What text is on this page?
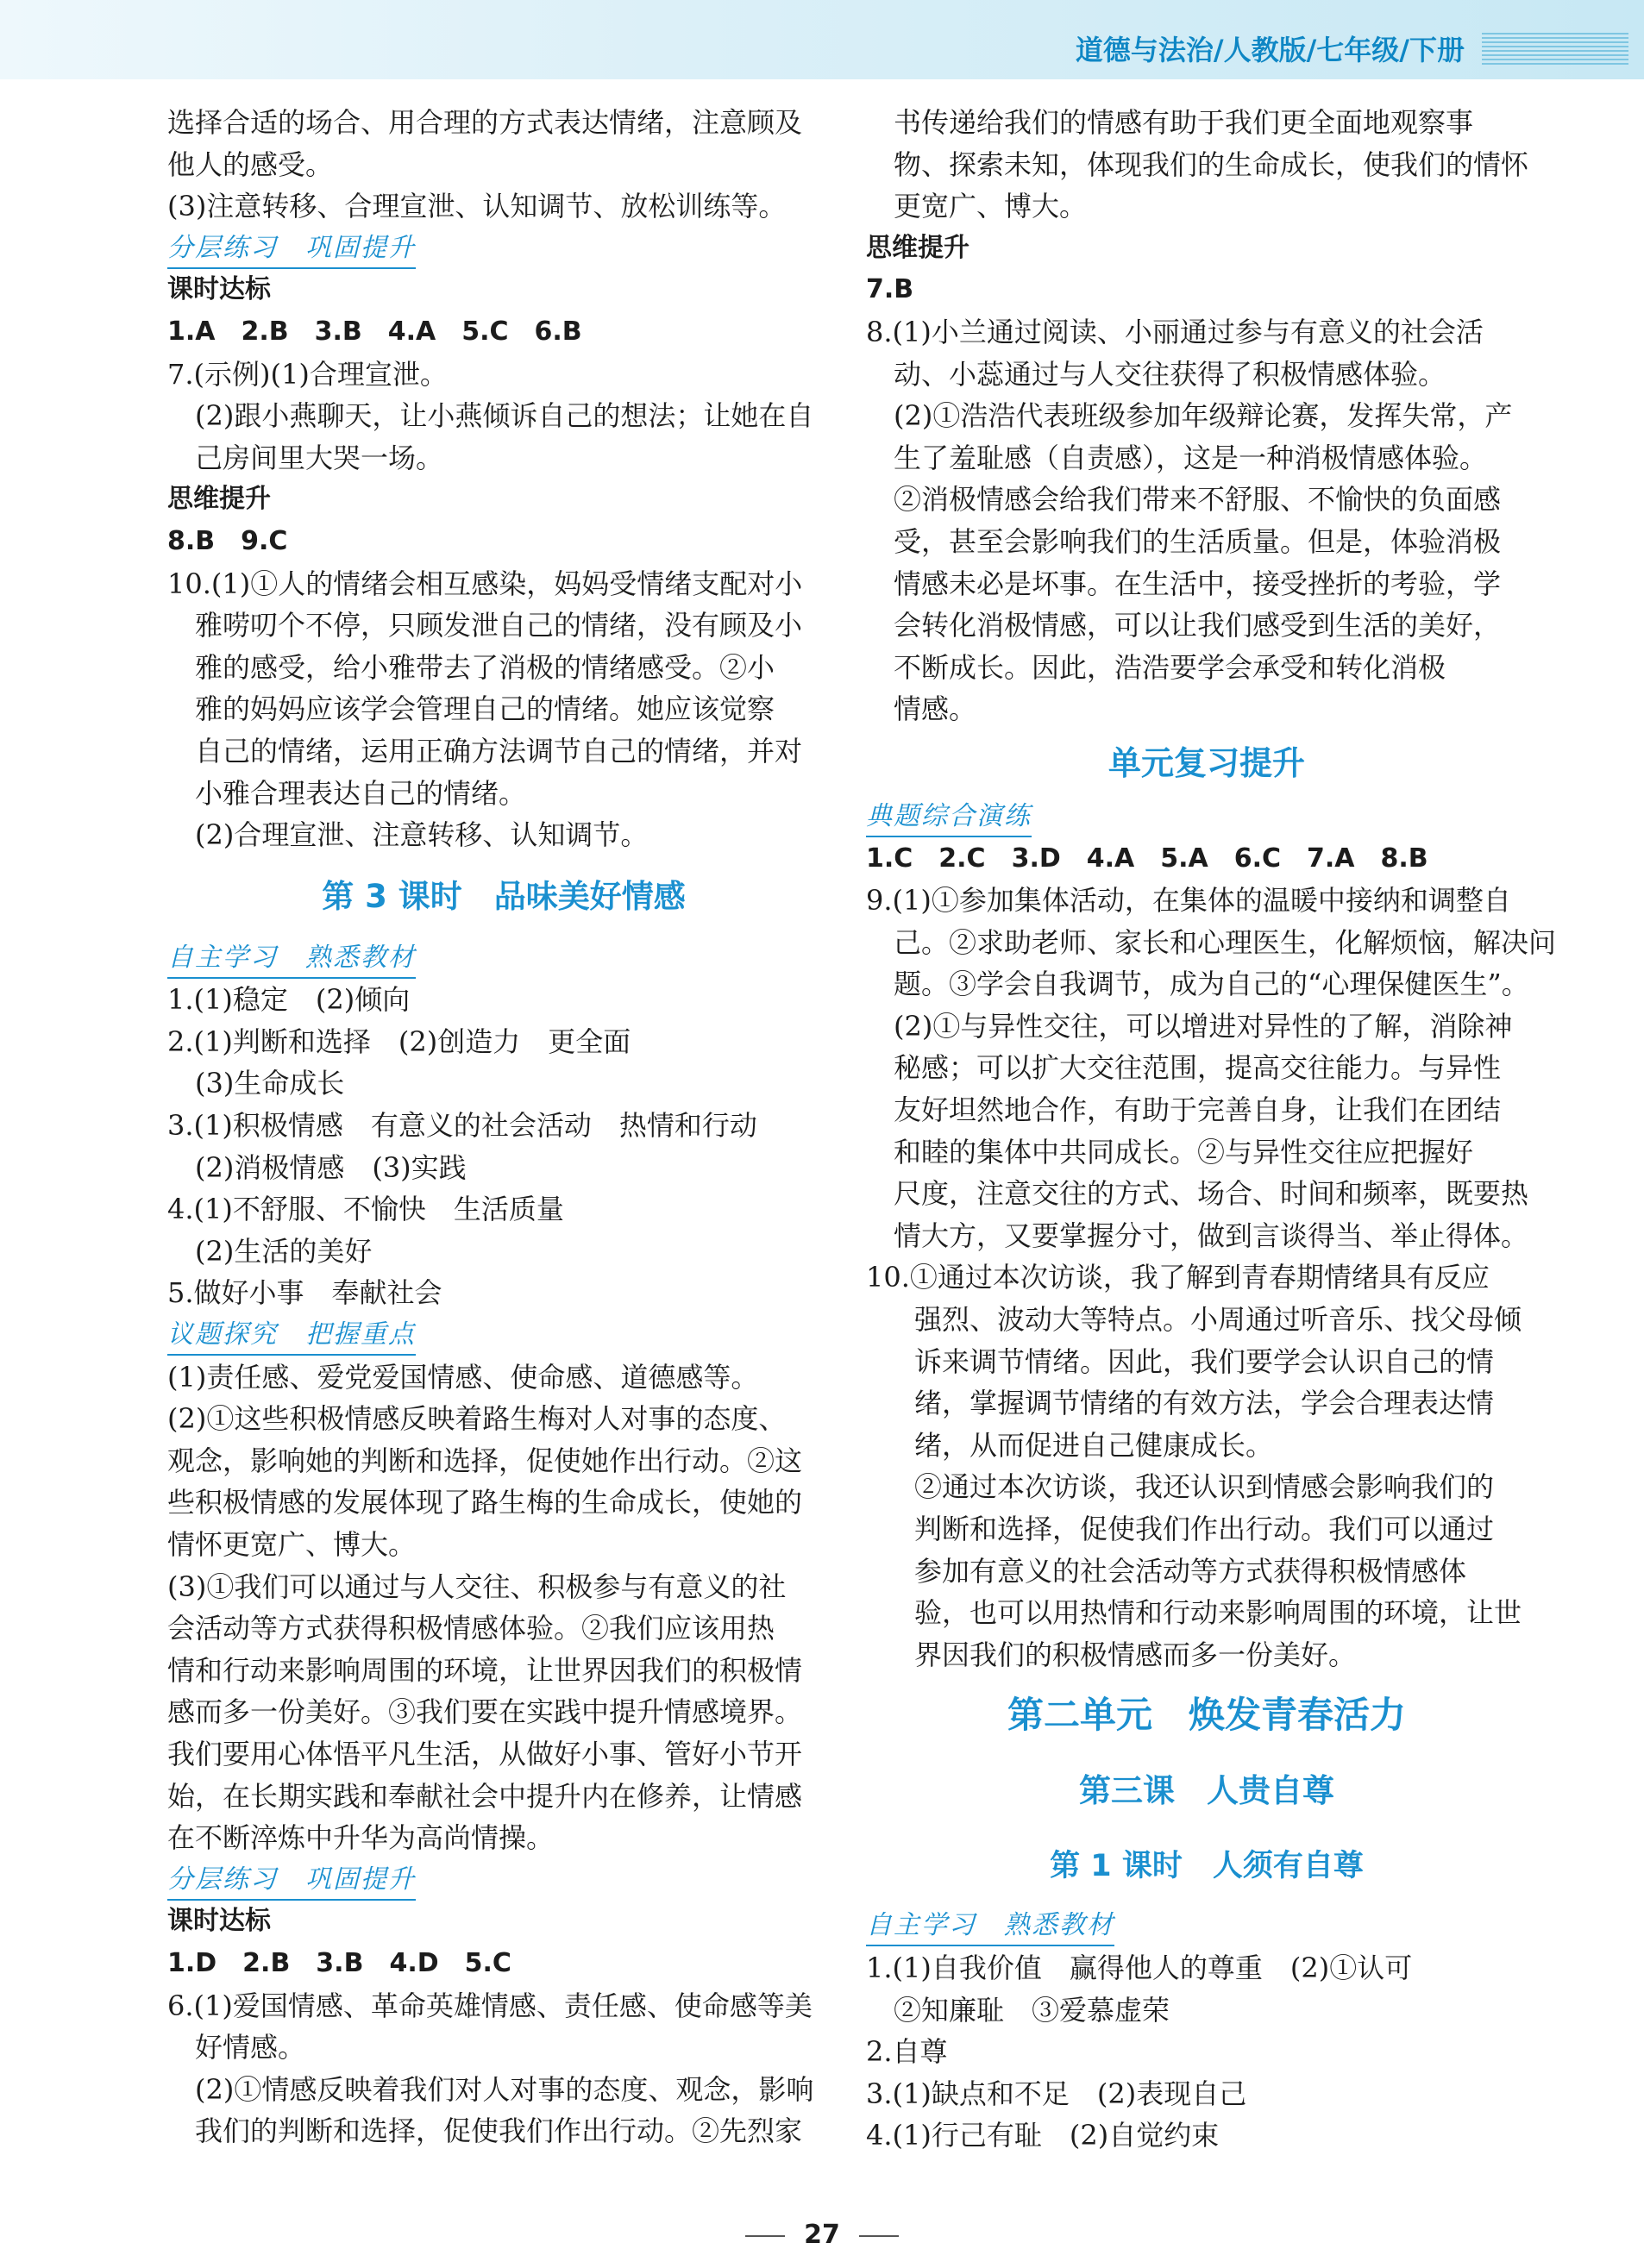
道德与法治/人教版/七年级/下册
选择合适的场合、用合理的方式表达情绪，注意顾及
他人的感受。
(3)注意转移、合理宣泄、认知调节、放松训练等。
分层练习　巩固提升
课时达标
1.A　2.B　3.B　4.A　5.C　6.B
7.(示例)(1)合理宣泄。
(2)跟小燕聊天，让小燕倾诉自己的想法；让她在自
己房间里大哭一场。
思维提升
8.B　9.C
10.(1)①人的情绪会相互感染，妈妈受情绪支配对小
雅唠叨个不停，只顾发泄自己的情绪，没有顾及小
雅的感受，给小雅带去了消极的情绪感受。②小
雅的妈妈应该学会管理自己的情绪。她应该觉察
自己的情绪，运用正确方法调节自己的情绪，并对
小雅合理表达自己的情绪。
(2)合理宣泄、注意转移、认知调节。
第 3 课时　品味美好情感
自主学习　熟悉教材
1.(1)稳定　(2)倾向
2.(1)判断和选择　(2)创造力　更全面
(3)生命成长
3.(1)积极情感　有意义的社会活动　热情和行动
(2)消极情感　(3)实践
4.(1)不舒服、不愉快　生活质量
(2)生活的美好
5.做好小事　奉献社会
议题探究　把握重点
(1)责任感、爱党爱国情感、使命感、道德感等。
(2)①这些积极情感反映着路生梅对人对事的态度、
观念，影响她的判断和选择，促使她作出行动。②这
些积极情感的发展体现了路生梅的生命成长，使她的
情怀更宽广、博大。
(3)①我们可以通过与人交往、积极参与有意义的社
会活动等方式获得积极情感体验。②我们应该用热
情和行动来影响周围的环境，让世界因我们的积极情
感而多一份美好。③我们要在实践中提升情感境界。
我们要用心体悟平凡生活，从做好小事、管好小节开
始，在长期实践和奉献社会中提升内在修养，让情感
在不断淬炼中升华为高尚情操。
分层练习　巩固提升
课时达标
1.D　2.B　3.B　4.D　5.C
6.(1)爱国情感、革命英雄情感、责任感、使命感等美
好情感。
(2)①情感反映着我们对人对事的态度、观念，影响
我们的判断和选择，促使我们作出行动。②先烈家
书传递给我们的情感有助于我们更全面地观察事
物、探索未知，体现我们的生命成长，使我们的情怀
更宽广、博大。
思维提升
7.B
8.(1)小兰通过阅读、小丽通过参与有意义的社会活
动、小蕊通过与人交往获得了积极情感体验。
(2)①浩浩代表班级参加年级辩论赛，发挥失常，产
生了羞耻感（自责感），这是一种消极情感体验。
②消极情感会给我们带来不舒服、不愉快的负面感
受，甚至会影响我们的生活质量。但是，体验消极
情感未必是坏事。在生活中，接受挫折的考验，学
会转化消极情感，可以让我们感受到生活的美好，
不断成长。因此，浩浩要学会承受和转化消极
情感。
单元复习提升
典题综合演练
1.C　2.C　3.D　4.A　5.A　6.C　7.A　8.B
9.(1)①参加集体活动，在集体的温暖中接纳和调整自
己。②求助老师、家长和心理医生，化解烦恼，解决问
题。③学会自我调节，成为自己的“心理保健医生”。
(2)①与异性交往，可以增进对异性的了解，消除神
秘感；可以扩大交往范围，提高交往能力。与异性
友好坦然地合作，有助于完善自身，让我们在团结
和睦的集体中共同成长。②与异性交往应把握好
尺度，注意交往的方式、场合、时间和频率，既要热
情大方，又要掌握分寸，做到言谈得当、举止得体。
10.①通过本次访谈，我了解到青春期情绪具有反应
强烈、波动大等特点。小周通过听音乐、找父母倾
诉来调节情绪。因此，我们要学会认识自己的情
绪，掌握调节情绪的有效方法，学会合理表达情
绪，从而促进自己健康成长。
②通过本次访谈，我还认识到情感会影响我们的
判断和选择，促使我们作出行动。我们可以通过
参加有意义的社会活动等方式获得积极情感体
验，也可以用热情和行动来影响周围的环境，让世
界因我们的积极情感而多一份美好。
第二单元　焕发青春活力
第三课　人贵自尊
第 1 课时　人须有自尊
自主学习　熟悉教材
1.(1)自我价值　赢得他人的尊重　(2)①认可
②知廉耻　③爱慕虚荣
2.自尊
3.(1)缺点和不足　(2)表现自己
4.(1)行己有耻　(2)自觉约束
27
